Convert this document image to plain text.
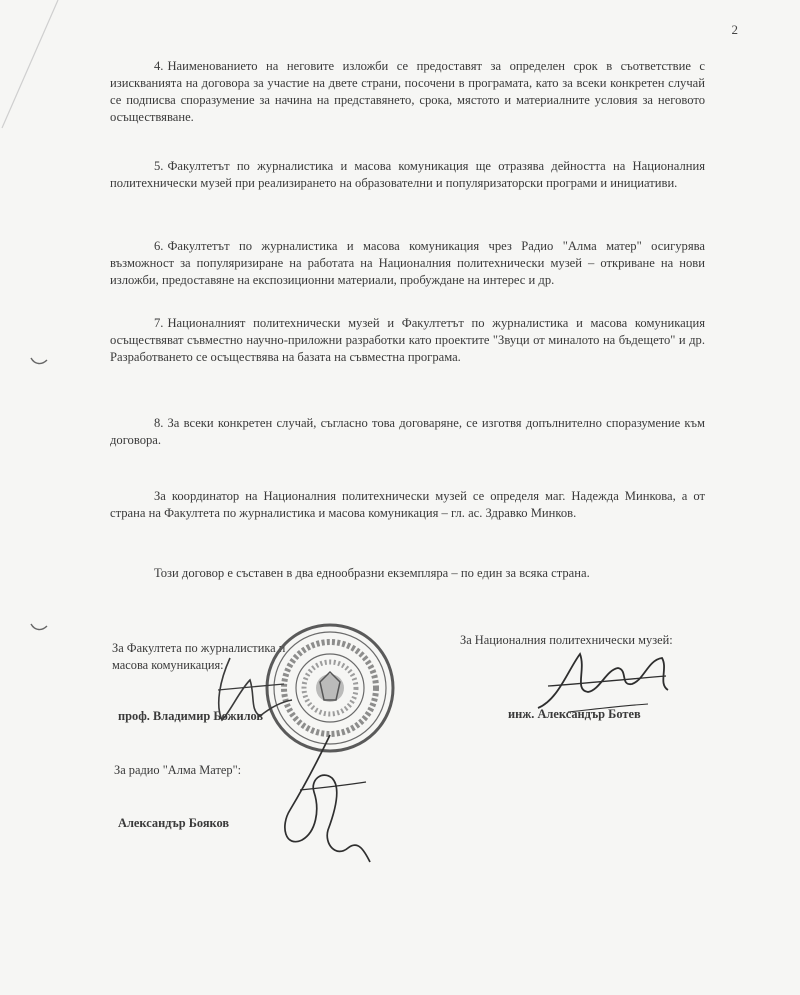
2

4. Наименованието на неговите изложби се предоставят за определен срок в съответствие с изискванията на договора за участие на двете страни, посочени в програмата, като за всеки конкретен случай се подписва споразумение за начина на представянето, срока, мястото и материалните условия за неговото осъществяване.

5. Факултетът по журналистика и масова комуникация ще отразява дейността на Националния политехнически музей при реализирането на образователни и популяризаторски програми и инициативи.

6. Факултетът по журналистика и масова комуникация чрез Радио "Алма матер" осигурява възможност за популяризиране на работата на Националния политехнически музей – откриване на нови изложби, предоставяне на експозиционни материали, пробуждане на интерес и др.

7. Националният политехнически музей и Факултетът по журналистика и масова комуникация осъществяват съвместно научно-приложни разработки като проектите "Звуци от миналото на бъдещето" и др. Разработването се осъществява на базата на съвместна програма.

8. За всеки конкретен случай, съгласно това договаряне, се изготвя допълнително споразумение към договора.

За координатор на Националния политехнически музей се определя маг. Надежда Минкова, а от страна на Факултета по журналистика и масова комуникация – гл. ас. Здравко Минков.

Този договор е съставен в два еднообразни екземпляра – по един за всяка страна.

За Факултета по журналистика и масова комуникация:

проф. Владимир Божилов

За радио "Алма Матер":

Александър Бояков

За Националния политехнически музей:

инж. Александър Ботев
